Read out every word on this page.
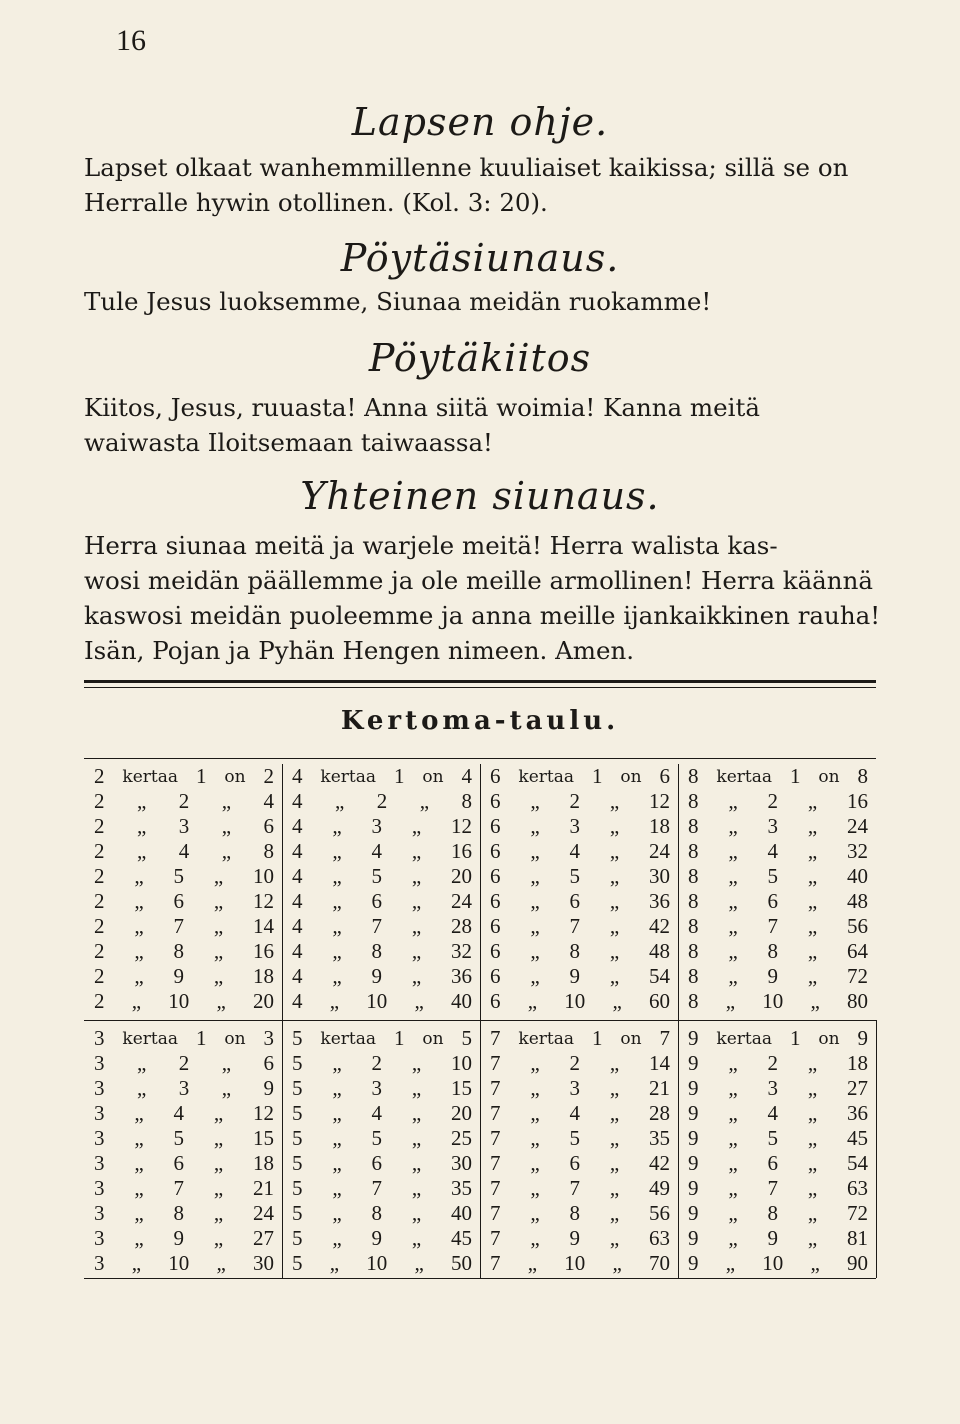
16
Lapsen ohje.
Lapset olkaat wanhemmillenne kuuliaiset kaikissa; sillä se on
Herralle hywin otollinen. (Kol. 3: 20).
Pöytäsiunaus.
Tule Jesus luoksemme, Siunaa meidän ruokamme!
Pöytäkiitos
Kiitos, Jesus, ruuasta! Anna siitä woimia! Kanna meitä
waiwasta Iloitsemaan taiwaassa!
Yhteinen siunaus.
Herra siunaa meitä ja warjele meitä! Herra walista kas-
wosi meidän päällemme ja ole meille armollinen! Herra käännä
kaswosi meidän puoleemme ja anna meille ijankaikkinen rauha!
Isän, Pojan ja Pyhän Hengen nimeen. Amen.
Kertoma-taulu.
2 kertaa 1 on 2 4 kertaa 1 on 4 6 kertaa 1 on 6 8 kertaa 1 on 8
2 „ 2 „ 4 4 „ 2 „ 8 6 „ 2 „ 12 8 „ 2 „ 16
2 „ 3 „ 6 4 „ 3 „ 12 6 „ 3 „ 18 8 „ 3 „ 24
2 „ 4 „ 8 4 „ 4 „ 16 6 „ 4 „ 24 8 „ 4 „ 32
2 „ 5 „ 10 4 „ 5 „ 20 6 „ 5 „ 30 8 „ 5 „ 40
2 „ 6 „ 12 4 „ 6 „ 24 6 „ 6 „ 36 8 „ 6 „ 48
2 „ 7 „ 14 4 „ 7 „ 28 6 „ 7 „ 42 8 „ 7 „ 56
2 „ 8 „ 16 4 „ 8 „ 32 6 „ 8 „ 48 8 „ 8 „ 64
2 „ 9 „ 18 4 „ 9 „ 36 6 „ 9 „ 54 8 „ 9 „ 72
2 „ 10 „ 20 4 „ 10 „ 40 6 „ 10 „ 60 8 „ 10 „ 80
3 kertaa 1 on 3 5 kertaa 1 on 5 7 kertaa 1 on 7 9 kertaa 1 on 9
3 „ 2 „ 6 5 „ 2 „ 10 7 „ 2 „ 14 9 „ 2 „ 18
3 „ 3 „ 9 5 „ 3 „ 15 7 „ 3 „ 21 9 „ 3 „ 27
3 „ 4 „ 12 5 „ 4 „ 20 7 „ 4 „ 28 9 „ 4 „ 36
3 „ 5 „ 15 5 „ 5 „ 25 7 „ 5 „ 35 9 „ 5 „ 45
3 „ 6 „ 18 5 „ 6 „ 30 7 „ 6 „ 42 9 „ 6 „ 54
3 „ 7 „ 21 5 „ 7 „ 35 7 „ 7 „ 49 9 „ 7 „ 63
3 „ 8 „ 24 5 „ 8 „ 40 7 „ 8 „ 56 9 „ 8 „ 72
3 „ 9 „ 27 5 „ 9 „ 45 7 „ 9 „ 63 9 „ 9 „ 81
3 „ 10 „ 30 5 „ 10 „ 50 7 „ 10 „ 70 9 „ 10 „ 90
